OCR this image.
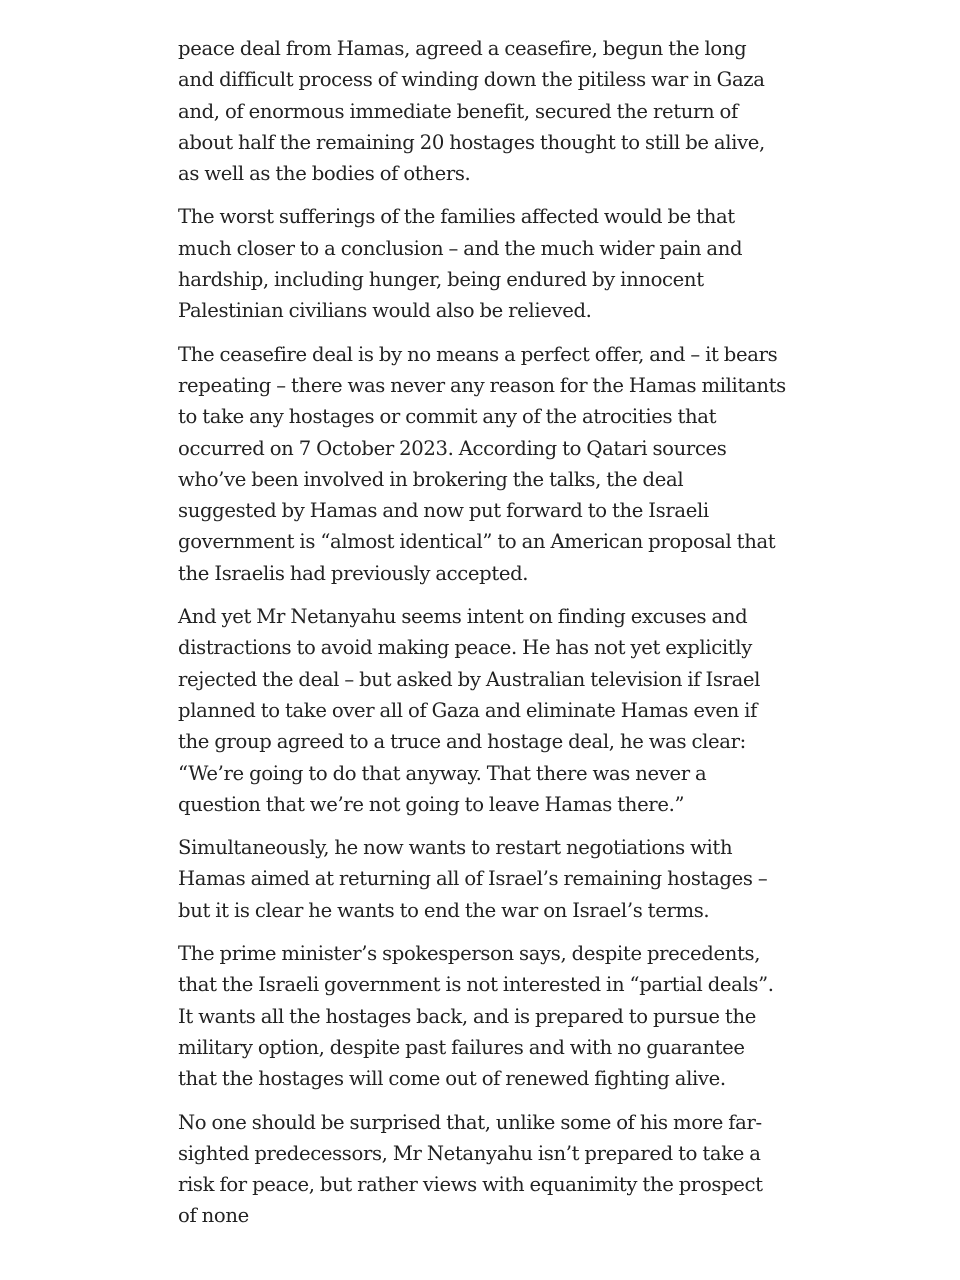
peace deal from Hamas, agreed a ceasefire, begun the long and difficult process of winding down the pitiless war in Gaza and, of enormous immediate benefit, secured the return of about half the remaining 20 hostages thought to still be alive, as well as the bodies of others.

The worst sufferings of the families affected would be that much closer to a conclusion – and the much wider pain and hardship, including hunger, being endured by innocent Palestinian civilians would also be relieved.

The ceasefire deal is by no means a perfect offer, and – it bears repeating – there was never any reason for the Hamas militants to take any hostages or commit any of the atrocities that occurred on 7 October 2023. According to Qatari sources who’ve been involved in brokering the talks, the deal suggested by Hamas and now put forward to the Israeli government is “almost identical” to an American proposal that the Israelis had previously accepted.

And yet Mr Netanyahu seems intent on finding excuses and distractions to avoid making peace. He has not yet explicitly rejected the deal – but asked by Australian television if Israel planned to take over all of Gaza and eliminate Hamas even if the group agreed to a truce and hostage deal, he was clear: “We’re going to do that anyway. That there was never a question that we’re not going to leave Hamas there.”

Simultaneously, he now wants to restart negotiations with Hamas aimed at returning all of Israel’s remaining hostages – but it is clear he wants to end the war on Israel’s terms.

The prime minister’s spokesperson says, despite precedents, that the Israeli government is not interested in “partial deals”. It wants all the hostages back, and is prepared to pursue the military option, despite past failures and with no guarantee that the hostages will come out of renewed fighting alive.

No one should be surprised that, unlike some of his more far-sighted predecessors, Mr Netanyahu isn’t prepared to take a risk for peace, but rather views with equanimity the prospect of none
